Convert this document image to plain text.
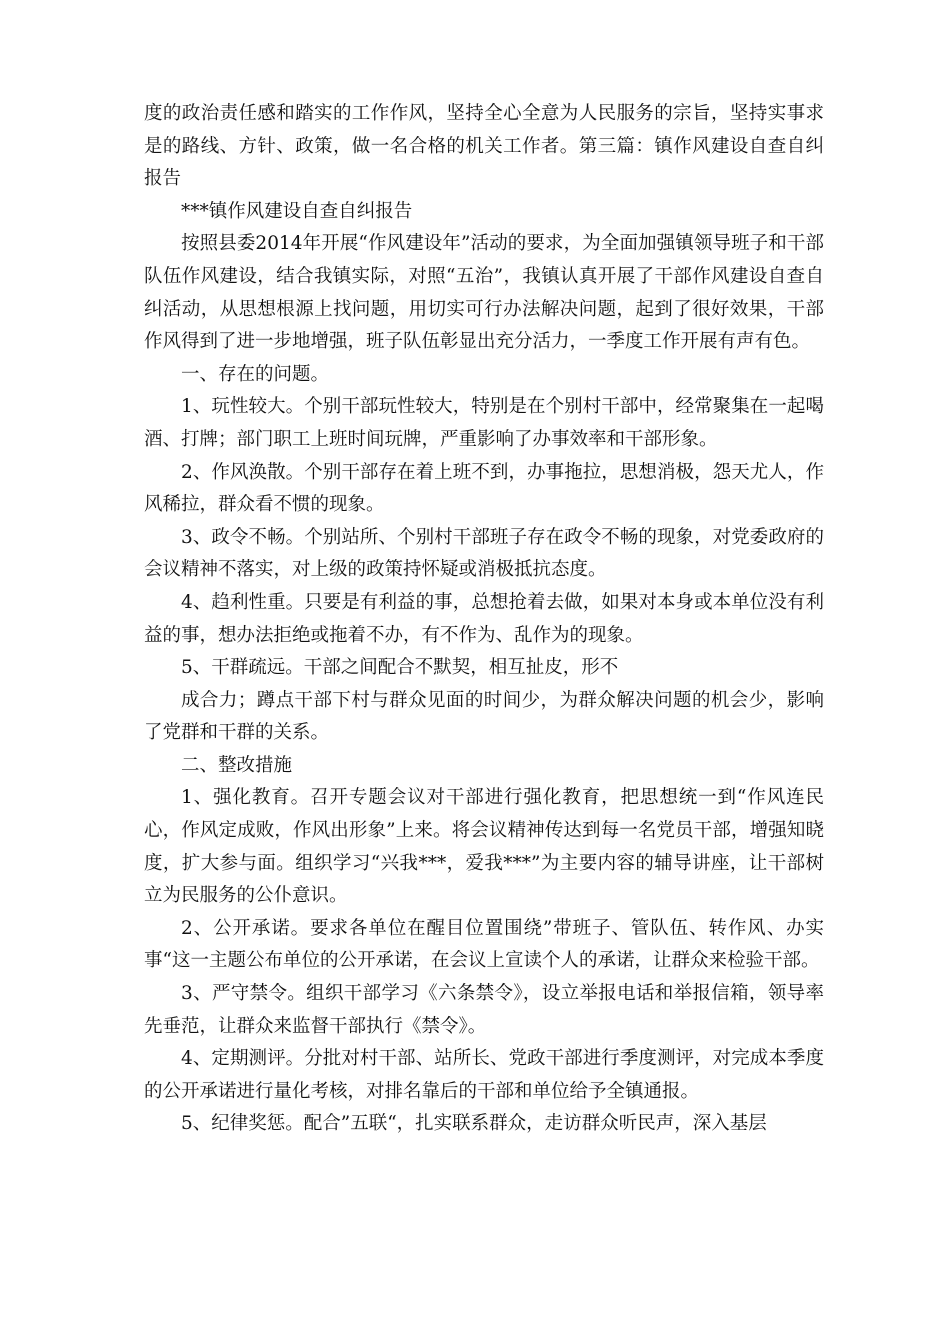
度的政治责任感和踏实的工作作风，坚持全心全意为人民服务的宗旨，坚持实事求是的路线、方针、政策，做一名合格的机关工作者。第三篇：镇作风建设自查自纠报告

***镇作风建设自查自纠报告

按照县委2014年开展“作风建设年”活动的要求，为全面加强镇领导班子和干部队伍作风建设，结合我镇实际，对照“五治”，我镇认真开展了干部作风建设自查自纠活动，从思想根源上找问题，用切实可行办法解决问题，起到了很好效果，干部作风得到了进一步地增强，班子队伍彰显出充分活力，一季度工作开展有声有色。

一、存在的问题。

1、玩性较大。个别干部玩性较大，特别是在个别村干部中，经常聚集在一起喝酒、打牌；部门职工上班时间玩牌，严重影响了办事效率和干部形象。

2、作风涣散。个别干部存在着上班不到，办事拖拉，思想消极，怨天尤人，作风稀拉，群众看不惯的现象。

3、政令不畅。个别站所、个别村干部班子存在政令不畅的现象，对党委政府的会议精神不落实，对上级的政策持怀疑或消极抵抗态度。

4、趋利性重。只要是有利益的事，总想抢着去做，如果对本身或本单位没有利益的事，想办法拒绝或拖着不办，有不作为、乱作为的现象。

5、干群疏远。干部之间配合不默契，相互扯皮，形不

成合力；蹲点干部下村与群众见面的时间少，为群众解决问题的机会少，影响了党群和干群的关系。

二、整改措施

1、强化教育。召开专题会议对干部进行强化教育，把思想统一到“作风连民心，作风定成败，作风出形象”上来。将会议精神传达到每一名党员干部，增强知晓度，扩大参与面。组织学习“兴我***，爱我***”为主要内容的辅导讲座，让干部树立为民服务的公仆意识。

2、公开承诺。要求各单位在醒目位置围绕”带班子、管队伍、转作风、办实事“这一主题公布单位的公开承诺，在会议上宣读个人的承诺，让群众来检验干部。

3、严守禁令。组织干部学习《六条禁令》，设立举报电话和举报信箱，领导率先垂范，让群众来监督干部执行《禁令》。

4、定期测评。分批对村干部、站所长、党政干部进行季度测评，对完成本季度的公开承诺进行量化考核，对排名靠后的干部和单位给予全镇通报。

5、纪律奖惩。配合”五联“，扎实联系群众，走访群众听民声，深入基层
